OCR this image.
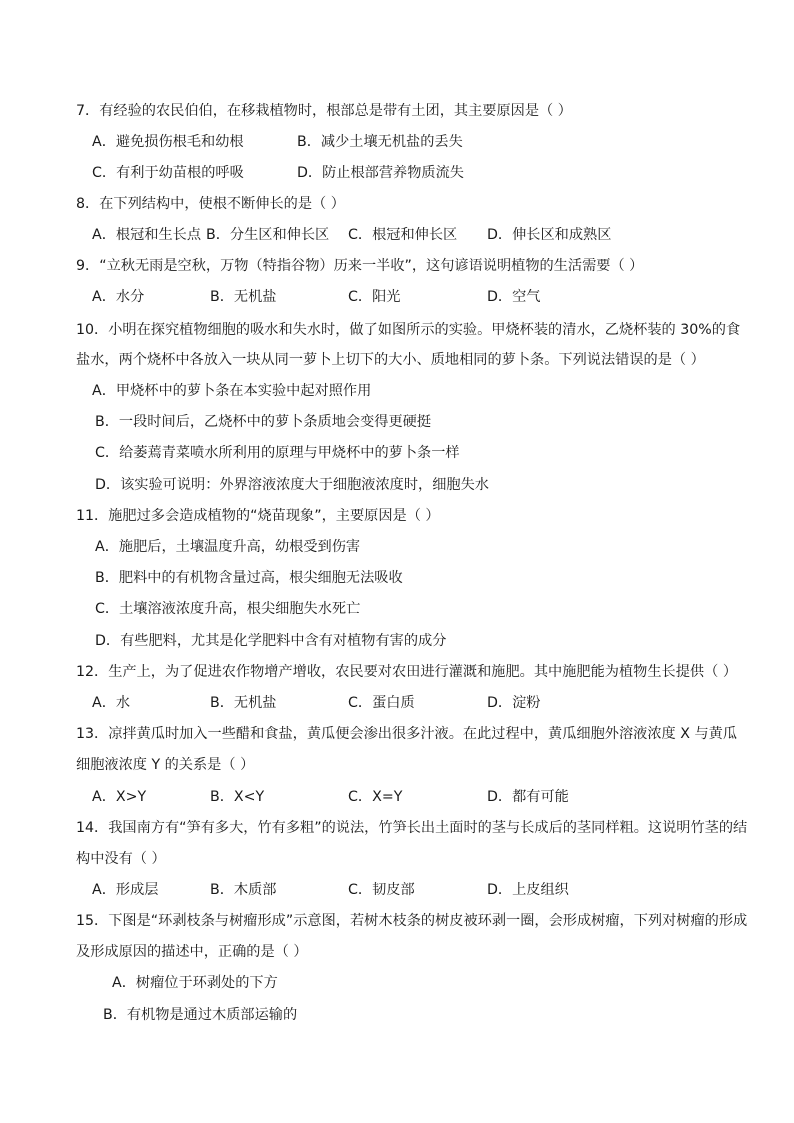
7．有经验的农民伯伯，在移栽植物时，根部总是带有土团，其主要原因是（ ）
A．避免损伤根毛和幼根	B．减少土壤无机盐的丢失
C．有利于幼苗根的呼吸	D．防止根部营养物质流失
8．在下列结构中，使根不断伸长的是（ ）
A．根冠和生长点 B．分生区和伸长区 C．根冠和伸长区 D．伸长区和成熟区
9．“立秋无雨是空秋，万物（特指谷物）历来一半收”，这句谚语说明植物的生活需要（ ）
A．水分	B．无机盐	C．阳光	D．空气
10．小明在探究植物细胞的吸水和失水时，做了如图所示的实验。甲烧杯装的清水，乙烧杯装的 30%的食
盐水，两个烧杯中各放入一块从同一萝卜上切下的大小、质地相同的萝卜条。下列说法错误的是（ ）
A．甲烧杯中的萝卜条在本实验中起对照作用
B．一段时间后，乙烧杯中的萝卜条质地会变得更硬挺
C．给萎蔫青菜喷水所利用的原理与甲烧杯中的萝卜条一样
D．该实验可说明：外界溶液浓度大于细胞液浓度时，细胞失水
11．施肥过多会造成植物的“烧苗现象”，主要原因是（ ）
A．施肥后，土壤温度升高，幼根受到伤害
B．肥料中的有机物含量过高，根尖细胞无法吸收
C．土壤溶液浓度升高，根尖细胞失水死亡
D．有些肥料，尤其是化学肥料中含有对植物有害的成分
12．生产上，为了促进农作物增产增收，农民要对农田进行灌溉和施肥。其中施肥能为植物生长提供（ ）
A．水	B．无机盐	C．蛋白质	D．淀粉
13．凉拌黄瓜时加入一些醋和食盐，黄瓜便会渗出很多汁液。在此过程中，黄瓜细胞外溶液浓度 X 与黄瓜
细胞液浓度 Y 的关系是（ ）
A．X>Y	B．X<Y	C．X=Y	D．都有可能
14．我国南方有“笋有多大，竹有多粗”的说法，竹笋长出土面时的茎与长成后的茎同样粗。这说明竹茎的结
构中没有（ ）
A．形成层	B．木质部	C．韧皮部	D．上皮组织
15．下图是“环剥枝条与树瘤形成”示意图，若树木枝条的树皮被环剥一圈，会形成树瘤，下列对树瘤的形成
及形成原因的描述中，正确的是（ ）
A．树瘤位于环剥处的下方
B．有机物是通过木质部运输的
